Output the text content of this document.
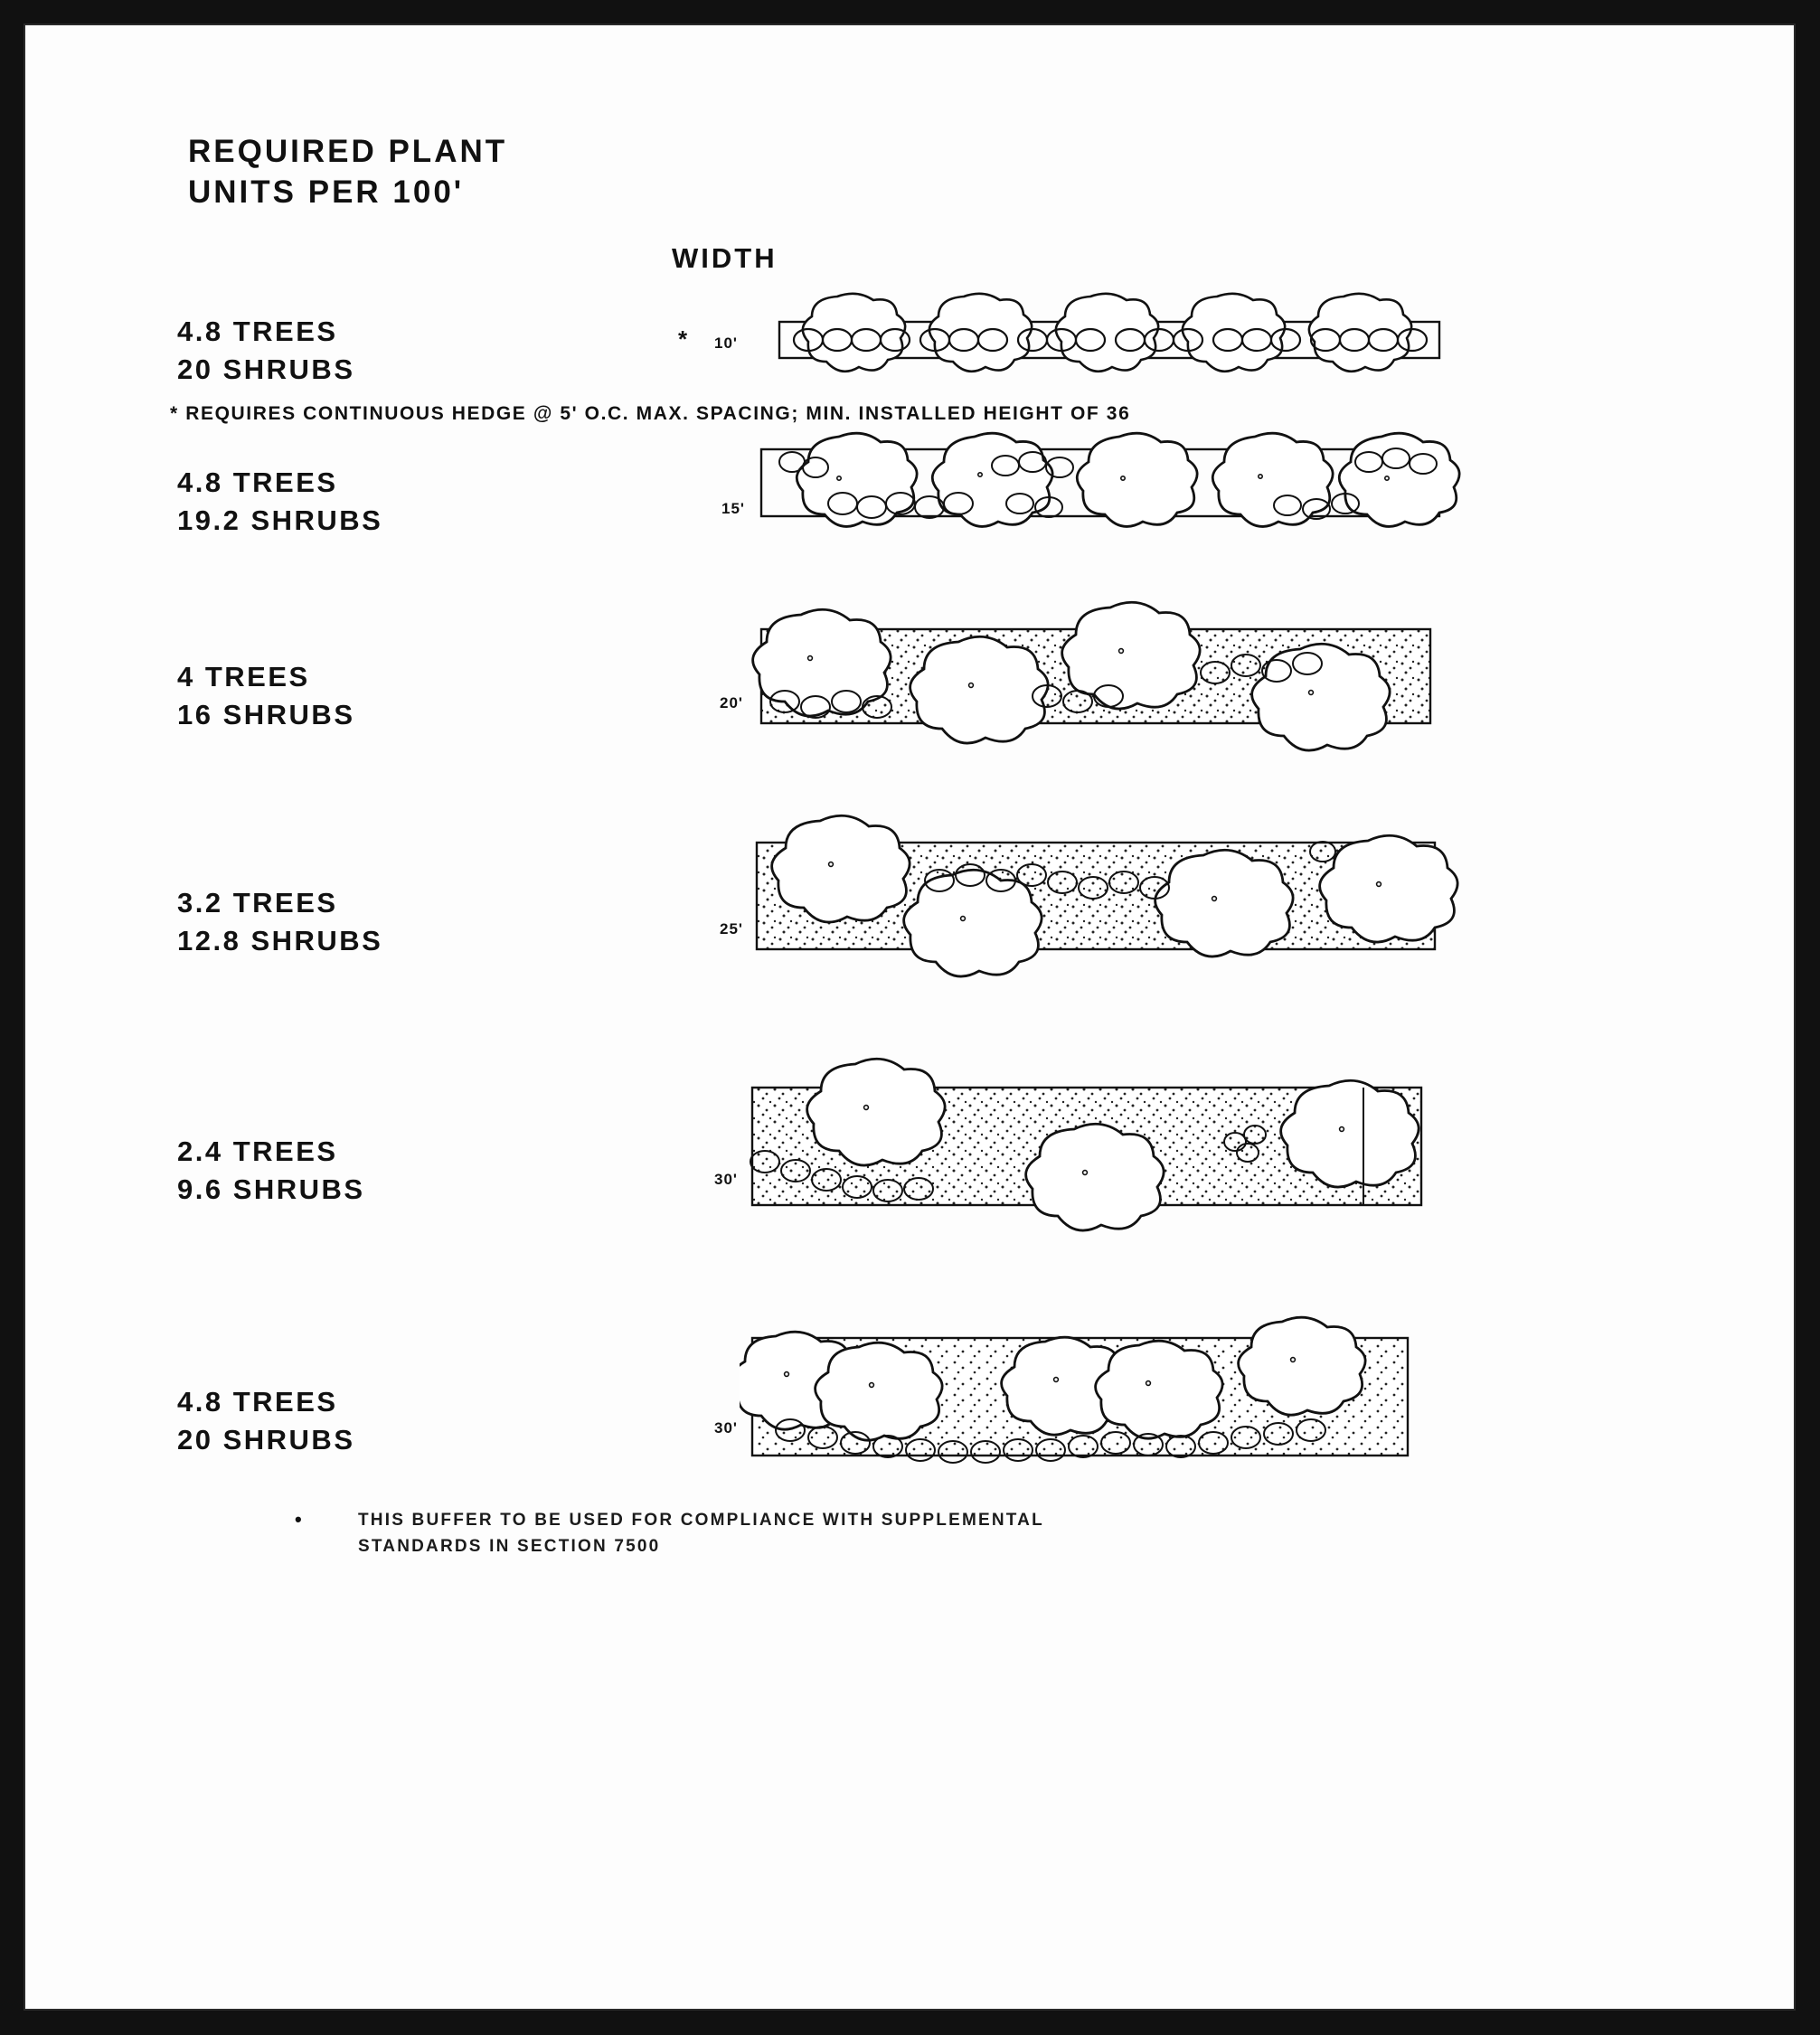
REQUIRED PLANT
UNITS PER 100'
WIDTH
4.8 TREES
20 SHRUBS
* 10'
* REQUIRES CONTINUOUS HEDGE @ 5' O.C. MAX. SPACING; MIN. INSTALLED HEIGHT OF 36
4.8 TREES
19.2 SHRUBS	15'
4 TREES
16 SHRUBS	20'
3.2 TREES
12.8 SHRUBS	25'
2.4 TREES
9.6 SHRUBS	30'
4.8 TREES
20 SHRUBS	30'
•	THIS BUFFER TO BE USED FOR COMPLIANCE WITH SUPPLEMENTAL
STANDARDS IN SECTION 7500
